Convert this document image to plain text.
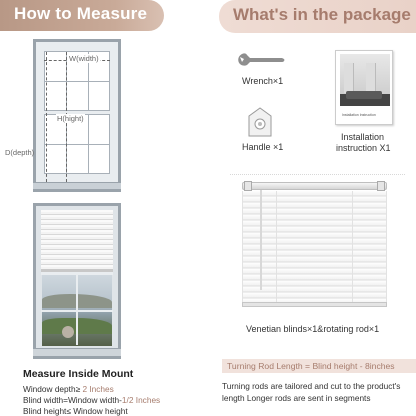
How to Measure	What's in the package
W(width)
H(hight)
D(depth)
Measure Inside Mount
Window depth≥ 2 Inches
Blind width=Window width-1/2 Inches
Blind height≤ Window height
Wrench×1
Handle ×1
Installation Instruction
Installation
instruction X1
Venetian blinds×1&rotating rod×1
Turning Rod Length = Blind height - 8inches
Turning rods are tailored and cut to the product's
length Longer rods are sent in segments
